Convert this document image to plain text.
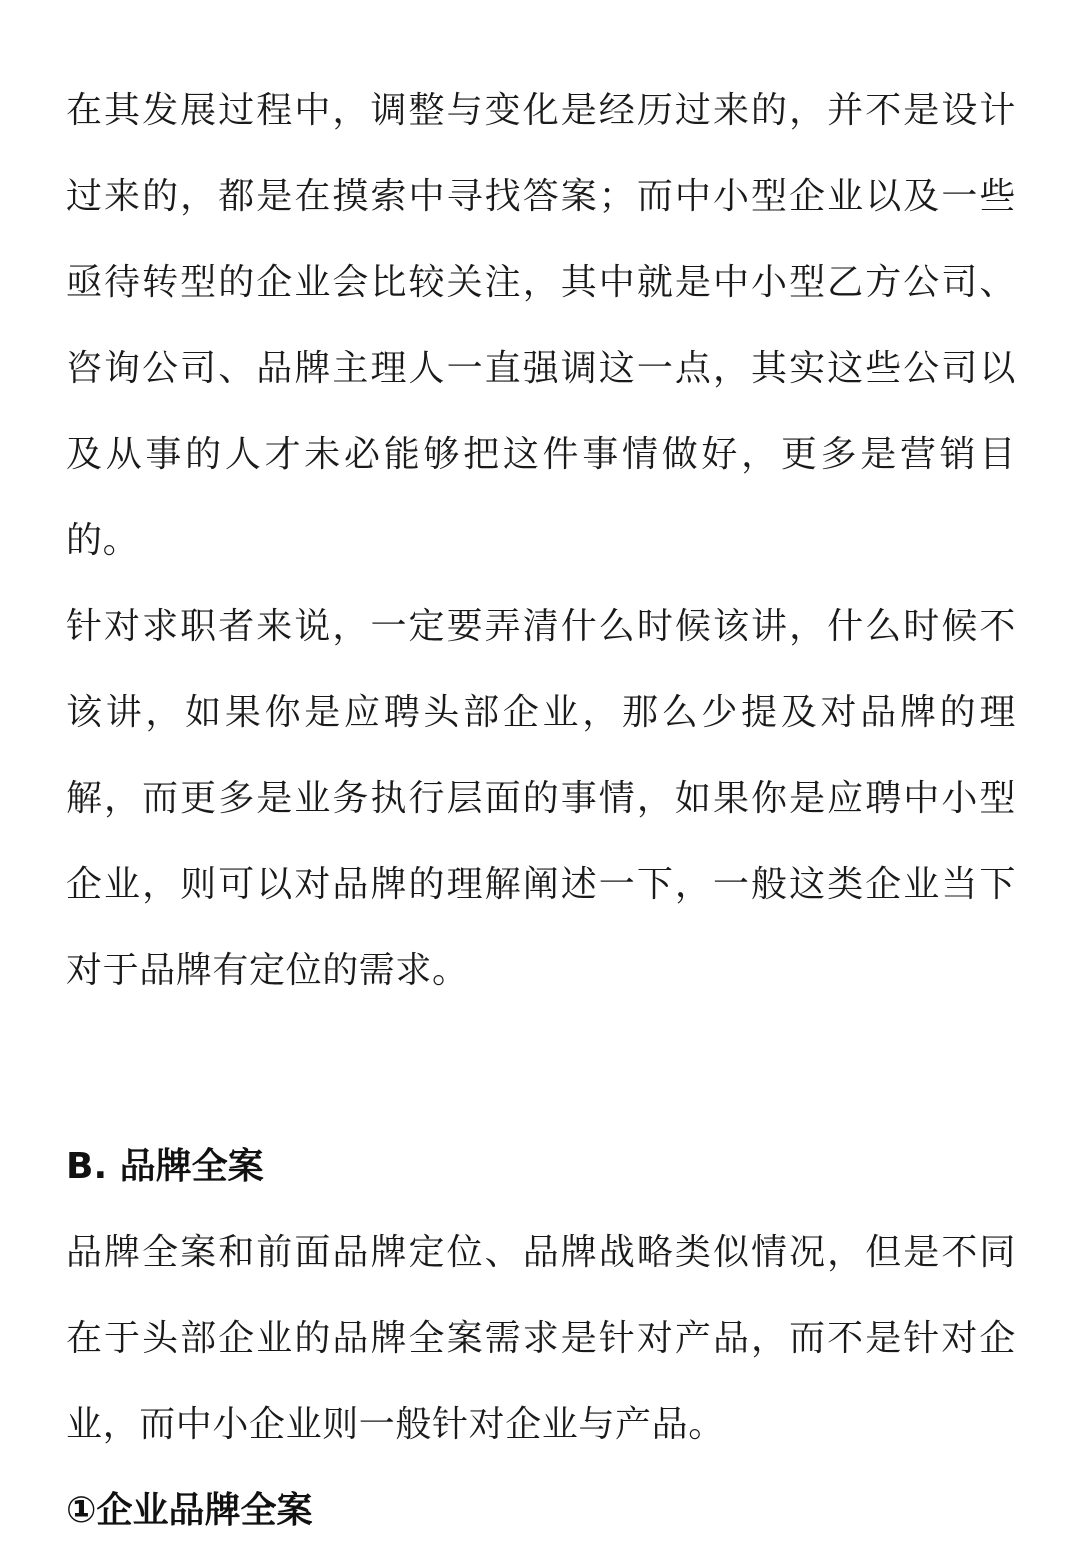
在其发展过程中，调整与变化是经历过来的，并不是设计过来的，都是在摸索中寻找答案；而中小型企业以及一些亟待转型的企业会比较关注，其中就是中小型乙方公司、咨询公司、品牌主理人一直强调这一点，其实这些公司以及从事的人才未必能够把这件事情做好，更多是营销目的。

针对求职者来说，一定要弄清什么时候该讲，什么时候不该讲，如果你是应聘头部企业，那么少提及对品牌的理解，而更多是业务执行层面的事情，如果你是应聘中小型企业，则可以对品牌的理解阐述一下，一般这类企业当下对于品牌有定位的需求。

B. 品牌全案

品牌全案和前面品牌定位、品牌战略类似情况，但是不同在于头部企业的品牌全案需求是针对产品，而不是针对企业，而中小企业则一般针对企业与产品。

①企业品牌全案
